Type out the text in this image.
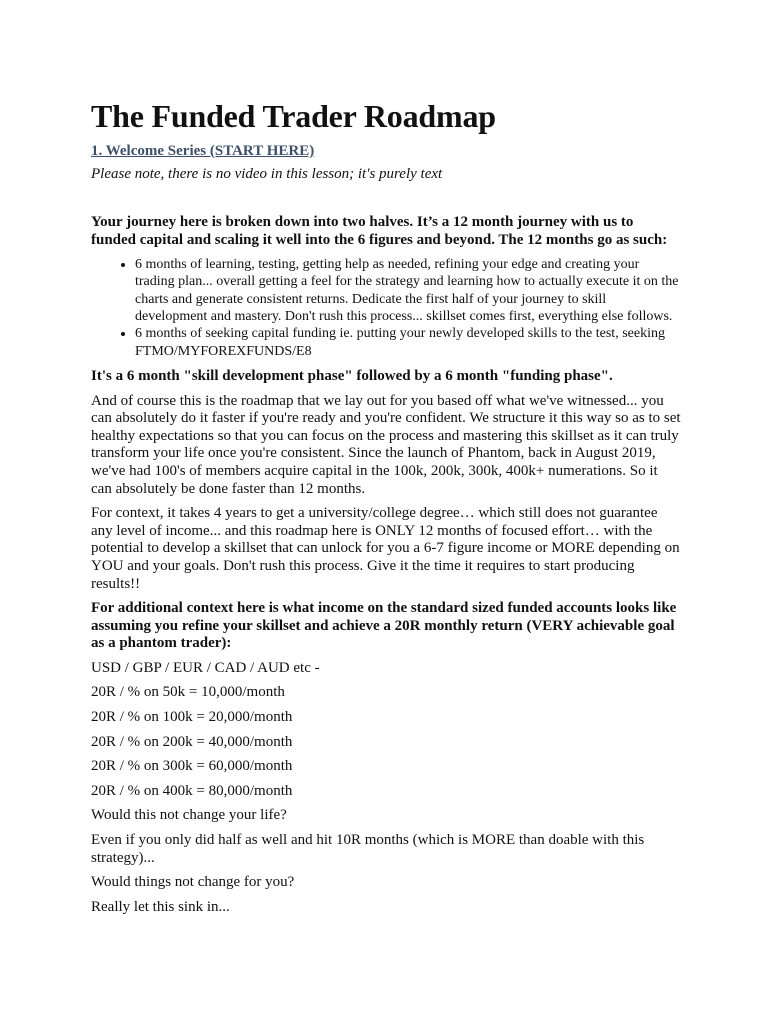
The Funded Trader Roadmap
1. Welcome Series (START HERE)

Please note, there is no video in this lesson; it's purely text

Your journey here is broken down into two halves. It’s a 12 month journey with us to funded capital and scaling it well into the 6 figures and beyond. The 12 months go as such:

• 6 months of learning, testing, getting help as needed, refining your edge and creating your trading plan... overall getting a feel for the strategy and learning how to actually execute it on the charts and generate consistent returns. Dedicate the first half of your journey to skill development and mastery. Don't rush this process... skillset comes first, everything else follows.
• 6 months of seeking capital funding ie. putting your newly developed skills to the test, seeking FTMO/MYFOREXFUNDS/E8

It's a 6 month "skill development phase" followed by a 6 month "funding phase".

And of course this is the roadmap that we lay out for you based off what we've witnessed... you can absolutely do it faster if you're ready and you're confident. We structure it this way so as to set healthy expectations so that you can focus on the process and mastering this skillset as it can truly transform your life once you're consistent. Since the launch of Phantom, back in August 2019, we've had 100's of members acquire capital in the 100k, 200k, 300k, 400k+ numerations. So it can absolutely be done faster than 12 months.

For context, it takes 4 years to get a university/college degree… which still does not guarantee any level of income... and this roadmap here is ONLY 12 months of focused effort… with the potential to develop a skillset that can unlock for you a 6-7 figure income or MORE depending on YOU and your goals. Don't rush this process. Give it the time it requires to start producing results!!

For additional context here is what income on the standard sized funded accounts looks like assuming you refine your skillset and achieve a 20R monthly return (VERY achievable goal as a phantom trader):

USD / GBP / EUR / CAD / AUD etc -

20R / % on 50k = 10,000/month

20R / % on 100k = 20,000/month

20R / % on 200k = 40,000/month

20R / % on 300k = 60,000/month

20R / % on 400k = 80,000/month

Would this not change your life?

Even if you only did half as well and hit 10R months (which is MORE than doable with this strategy)...

Would things not change for you?

Really let this sink in...
